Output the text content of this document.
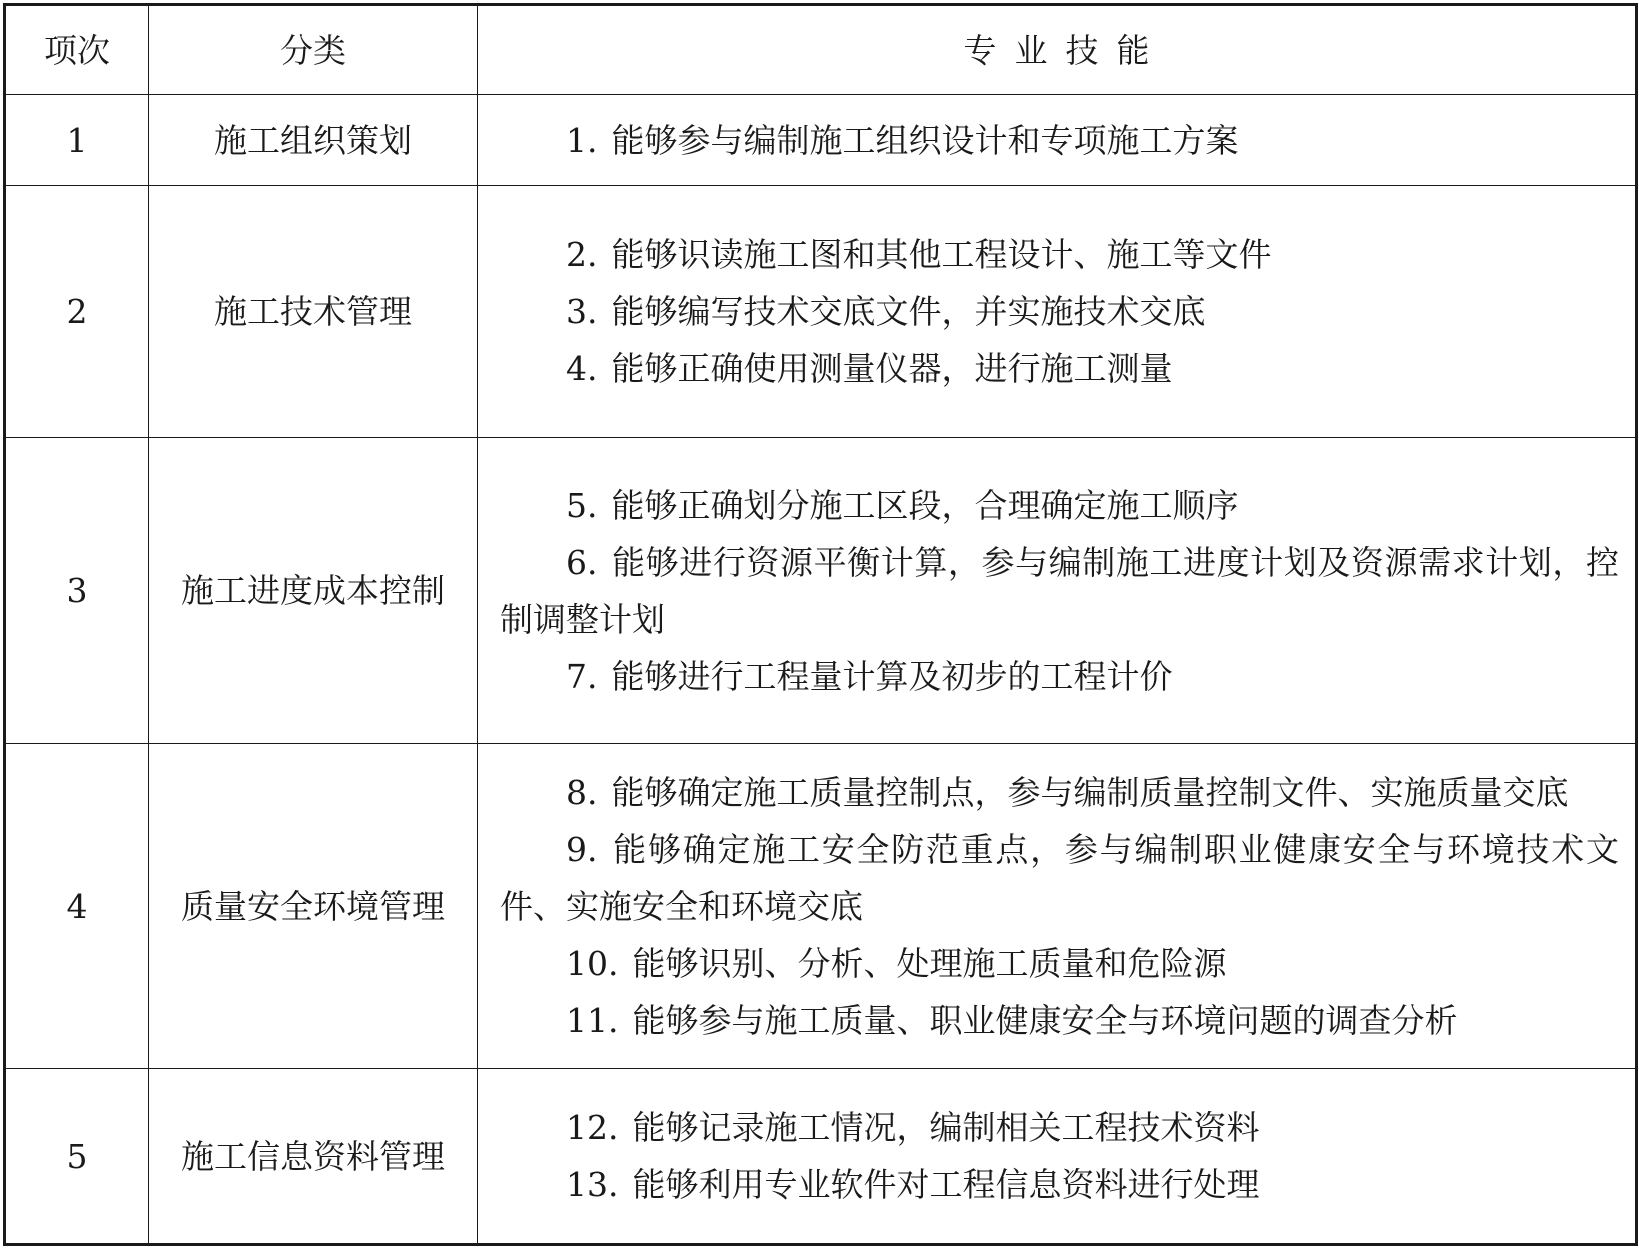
项次	分类	专业技能
1	施工组织策划	1. 能够参与编制施工组织设计和专项施工方案

2	施工技术管理	2. 能够识读施工图和其他工程设计、施工等文件
3. 能够编写技术交底文件，并实施技术交底
4. 能够正确使用测量仪器，进行施工测量

3	施工进度成本控制	5. 能够正确划分施工区段，合理确定施工顺序
6. 能够进行资源平衡计算，参与编制施工进度计划及资源需求计划，控制调整计划
7. 能够进行工程量计算及初步的工程计价

4	质量安全环境管理	8. 能够确定施工质量控制点，参与编制质量控制文件、实施质量交底
9. 能够确定施工安全防范重点，参与编制职业健康安全与环境技术文件、实施安全和环境交底
10. 能够识别、分析、处理施工质量和危险源
11. 能够参与施工质量、职业健康安全与环境问题的调查分析

5	施工信息资料管理	12. 能够记录施工情况，编制相关工程技术资料
13. 能够利用专业软件对工程信息资料进行处理
